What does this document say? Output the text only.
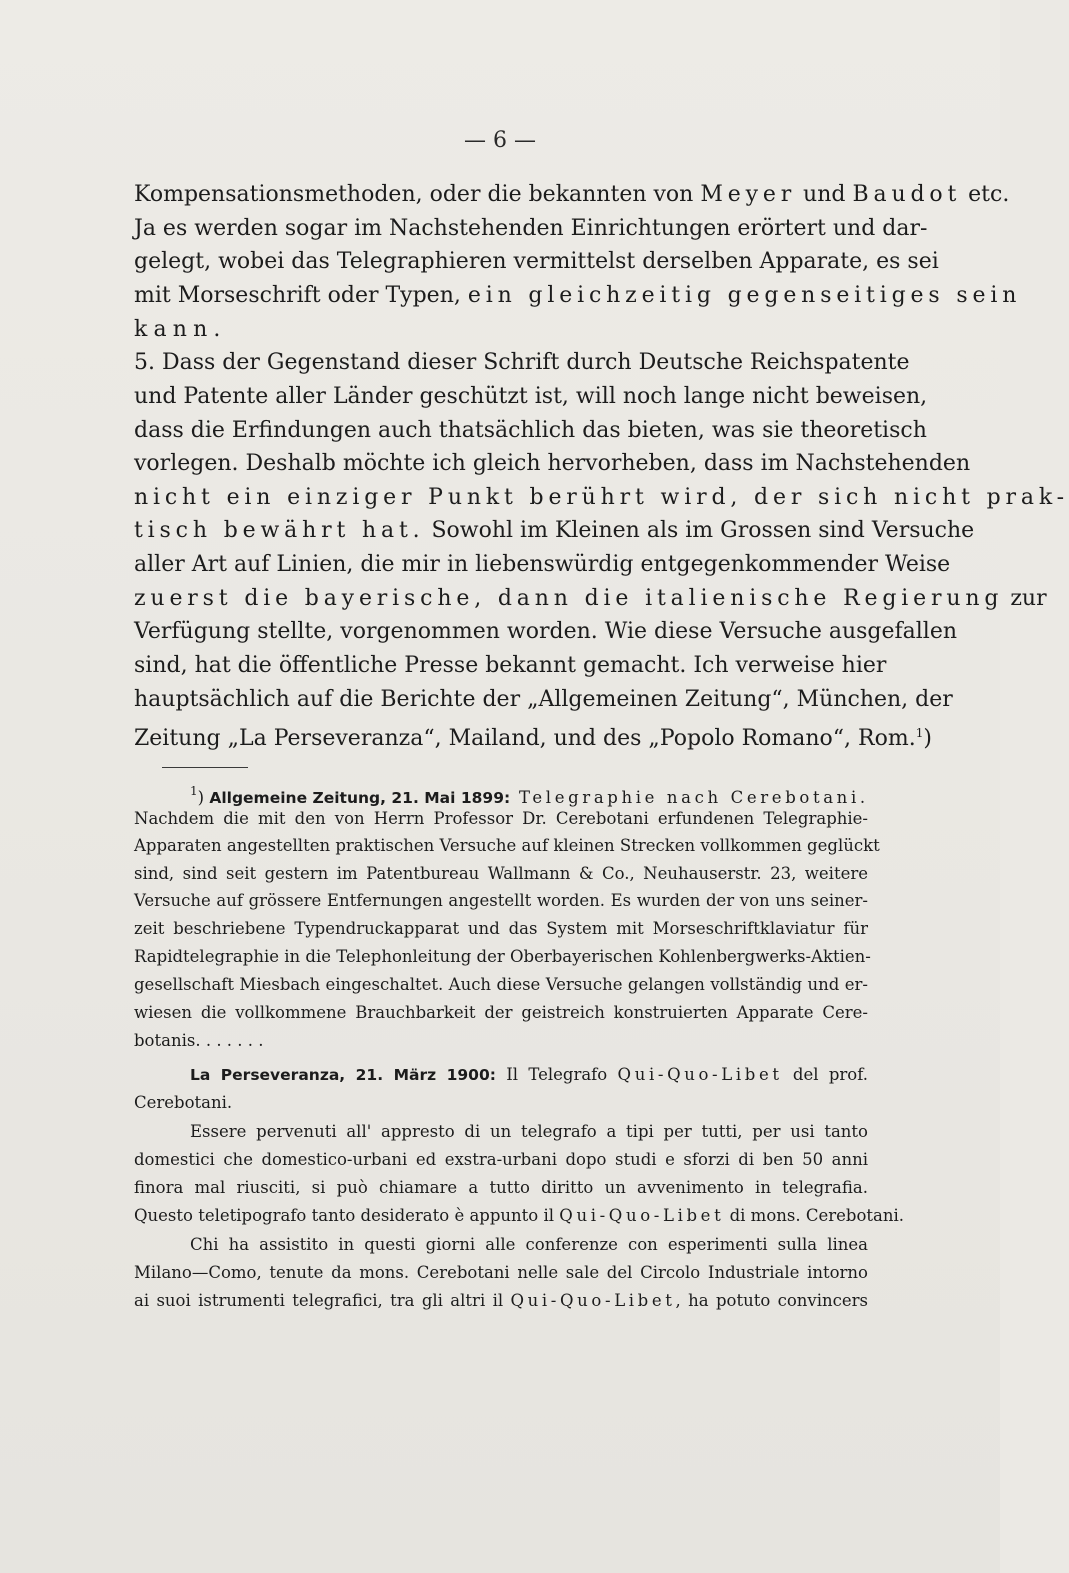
— 6 —
Kompensationsmethoden, oder die bekannten von Meyer und Baudot etc.
Ja es werden sogar im Nachstehenden Einrichtungen erörtert und dar-
gelegt, wobei das Telegraphieren vermittelst derselben Apparate, es sei
mit Morseschrift oder Typen, ein gleichzeitig gegenseitiges sein
kann.
5. Dass der Gegenstand dieser Schrift durch Deutsche Reichspatente
und Patente aller Länder geschützt ist, will noch lange nicht beweisen,
dass die Erfindungen auch thatsächlich das bieten, was sie theoretisch
vorlegen. Deshalb möchte ich gleich hervorheben, dass im Nachstehenden
nicht ein einziger Punkt berührt wird, der sich nicht prak-
tisch bewährt hat. Sowohl im Kleinen als im Grossen sind Versuche
aller Art auf Linien, die mir in liebenswürdig entgegenkommender Weise
zuerst die bayerische, dann die italienische Regierung zur
Verfügung stellte, vorgenommen worden. Wie diese Versuche ausgefallen
sind, hat die öffentliche Presse bekannt gemacht. Ich verweise hier
hauptsächlich auf die Berichte der „Allgemeinen Zeitung“, München, der
Zeitung „La Perseveranza“, Mailand, und des „Popolo Romano“, Rom.$^1$)
$^1$) Allgemeine Zeitung, 21. Mai 1899: Telegraphie nach Cerebotani.
Nachdem die mit den von Herrn Professor Dr. Cerebotani erfundenen Telegraphie-
Apparaten angestellten praktischen Versuche auf kleinen Strecken vollkommen geglückt
sind, sind seit gestern im Patentbureau Wallmann & Co., Neuhauserstr. 23, weitere
Versuche auf grössere Entfernungen angestellt worden. Es wurden der von uns seiner-
zeit beschriebene Typendruckapparat und das System mit Morseschriftklaviatur für
Rapidtelegraphie in die Telephonleitung der Oberbayerischen Kohlenbergwerks-Aktien-
gesellschaft Miesbach eingeschaltet. Auch diese Versuche gelangen vollständig und er-
wiesen die vollkommene Brauchbarkeit der geistreich konstruierten Apparate Cere-
botanis. . . . . . .
La Perseveranza, 21. März 1900: Il Telegrafo Qui-Quo-Libet del prof.
Cerebotani.
Essere pervenuti all' appresto di un telegrafo a tipi per tutti, per usi tanto
domestici che domestico-urbani ed exstra-urbani dopo studi e sforzi di ben 50 anni
finora mal riusciti, si può chiamare a tutto diritto un avvenimento in telegrafia.
Questo teletipografo tanto desiderato è appunto il Qui-Quo-Libet di mons. Cerebotani.
Chi ha assistito in questi giorni alle conferenze con esperimenti sulla linea
Milano—Como, tenute da mons. Cerebotani nelle sale del Circolo Industriale intorno
ai suoi istrumenti telegrafici, tra gli altri il Qui-Quo-Libet, ha potuto convincers
